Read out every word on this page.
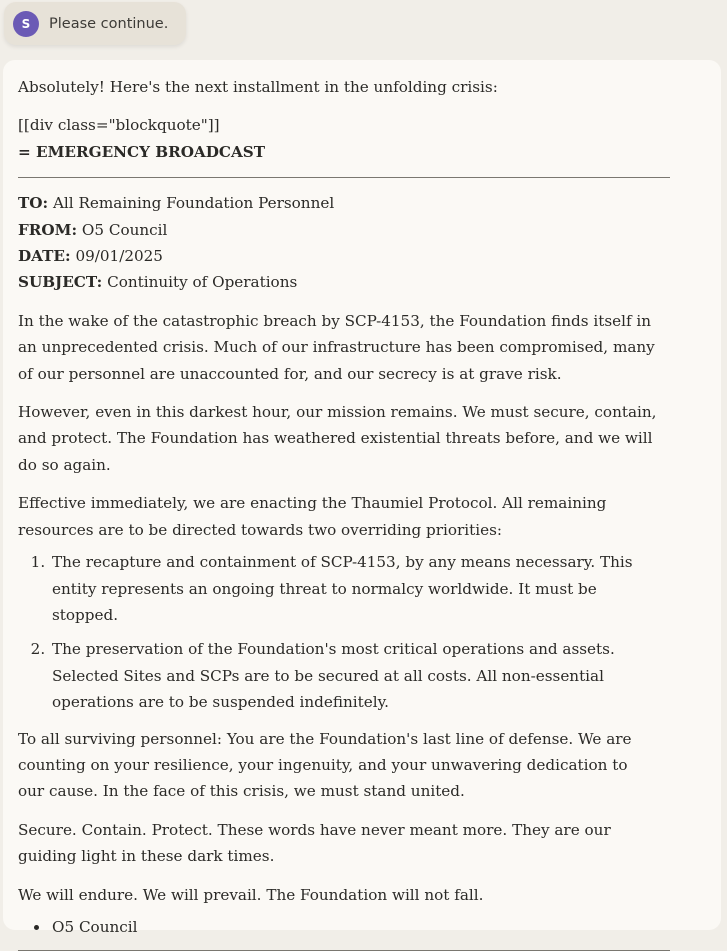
S	Please continue.
Absolutely! Here's the next installment in the unfolding crisis:
[[div class="blockquote"]]
= EMERGENCY BROADCAST
TO: All Remaining Foundation Personnel
FROM: O5 Council
DATE: 09/01/2025
SUBJECT: Continuity of Operations
In the wake of the catastrophic breach by SCP-4153, the Foundation finds itself in an unprecedented crisis. Much of our infrastructure has been compromised, many of our personnel are unaccounted for, and our secrecy is at grave risk.
However, even in this darkest hour, our mission remains. We must secure, contain, and protect. The Foundation has weathered existential threats before, and we will do so again.
Effective immediately, we are enacting the Thaumiel Protocol. All remaining resources are to be directed towards two overriding priorities:
1. The recapture and containment of SCP-4153, by any means necessary. This entity represents an ongoing threat to normalcy worldwide. It must be stopped.
2. The preservation of the Foundation's most critical operations and assets. Selected Sites and SCPs are to be secured at all costs. All non-essential operations are to be suspended indefinitely.
To all surviving personnel: You are the Foundation's last line of defense. We are counting on your resilience, your ingenuity, and your unwavering dedication to our cause. In the face of this crisis, we must stand united.
Secure. Contain. Protect. These words have never meant more. They are our guiding light in these dark times.
We will endure. We will prevail. The Foundation will not fall.
• O5 Council
